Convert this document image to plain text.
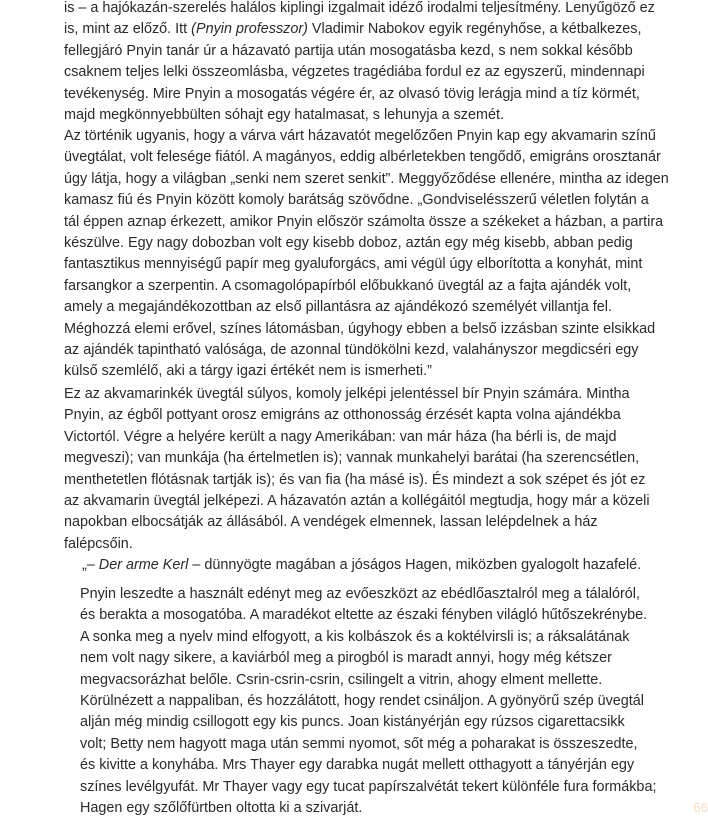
is – a hajókazán-szerelés halálos kiplingi izgalmait idéző irodalmi teljesítmény. Lenyűgöző ez
is, mint az előző. Itt (Pnyin professzor) Vladimir Nabokov egyik regényhőse, a kétbalkezes,
fellegjáró Pnyin tanár úr a házavató partija után mosogatásba kezd, s nem sokkal később
csaknem teljes lelki összeomlásba, végzetes tragédiába fordul ez az egyszerű, mindennapi
tevékenység. Mire Pnyin a mosogatás végére ér, az olvasó tövig lerágja mind a tíz körmét,
majd megkönnyebbülten sóhajt egy hatalmasat, s lehunyja a szemét.
Az történik ugyanis, hogy a várva várt házavatót megelőzően Pnyin kap egy akvamarin színű
üvegtálat, volt felesége fiától. A magányos, eddig albérletekben tengődő, emigráns orosztanár
úgy látja, hogy a világban „senki nem szeret senkit”. Meggyőződése ellenére, mintha az idegen
kamasz fiú és Pnyin között komoly barátság szövődne. „Gondviselésszerű véletlen folytán a
tál éppen aznap érkezett, amikor Pnyin először számolta össze a székeket a házban, a partira
készülve. Egy nagy dobozban volt egy kisebb doboz, aztán egy még kisebb, abban pedig
fantasztikus mennyiségű papír meg gyaluforgács, ami végül úgy elborította a konyhát, mint
farsangkor a szerpentin. A csomagolópapírból előbukkanó üvegtál az a fajta ajándék volt,
amely a megajándékozottban az első pillantásra az ajándékozó személyét villantja fel.
Méghozzá elemi erővel, színes látomásban, úgyhogy ebben a belső izzásban szinte elsikkad
az ajándék tapintható valósága, de azonnal tündökölni kezd, valahányszor megdicséri egy
külső szemlélő, aki a tárgy igazi értékét nem is ismerheti.”
Ez az akvamarinkék üvegtál súlyos, komoly jelképi jelentéssel bír Pnyin számára. Mintha
Pnyin, az égből pottyant orosz emigráns az otthonosság érzését kapta volna ajándékba
Victortól. Végre a helyére került a nagy Amerikában: van már háza (ha bérli is, de majd
megveszi); van munkája (ha értelmetlen is); vannak munkahelyi barátai (ha szerencsétlen,
menthetetlen flótásnak tartják is); és van fia (ha másé is). És mindezt a sok szépet és jót ez
az akvamarin üvegtál jelképezi. A házavatón aztán a kollégáitól megtudja, hogy már a közeli
napokban elbocsátják az állásából. A vendégek elmennek, lassan lelépdelnek a ház
falépcsőin.
„– Der arme Kerl – dünnyögte magában a jóságos Hagen, miközben gyalogolt hazafelé.
Pnyin leszedte a használt edényt meg az evőeszközt az ebédlőasztalról meg a tálalóról,
és berakta a mosogatóba. A maradékot eltette az északi fényben világló hűtőszekrénybe.
A sonka meg a nyelv mind elfogyott, a kis kolbászok és a koktélvirsli is; a ráksalátának
nem volt nagy sikere, a kaviárból meg a pirogból is maradt annyi, hogy még kétszer
megvacsorázhat belőle. Csrin-csrin-csrin, csilingelt a vitrin, ahogy elment mellette.
Körülnézett a nappaliban, és hozzálátott, hogy rendet csináljon. A gyönyörű szép üvegtál
alján még mindig csillogott egy kis puncs. Joan kistányérján egy rúzsos cigarettacsikk
volt; Betty nem hagyott maga után semmi nyomot, sőt még a poharakat is összeszedte,
és kivitte a konyhába. Mrs Thayer egy darabka nugát mellett otthagyott a tányérján egy
színes levélgyufát. Mr Thayer vagy egy tucat papírszalvétát tekert különféle fura formákba;
Hagen egy szőlőfürtben oltotta ki a szivarját.	66
